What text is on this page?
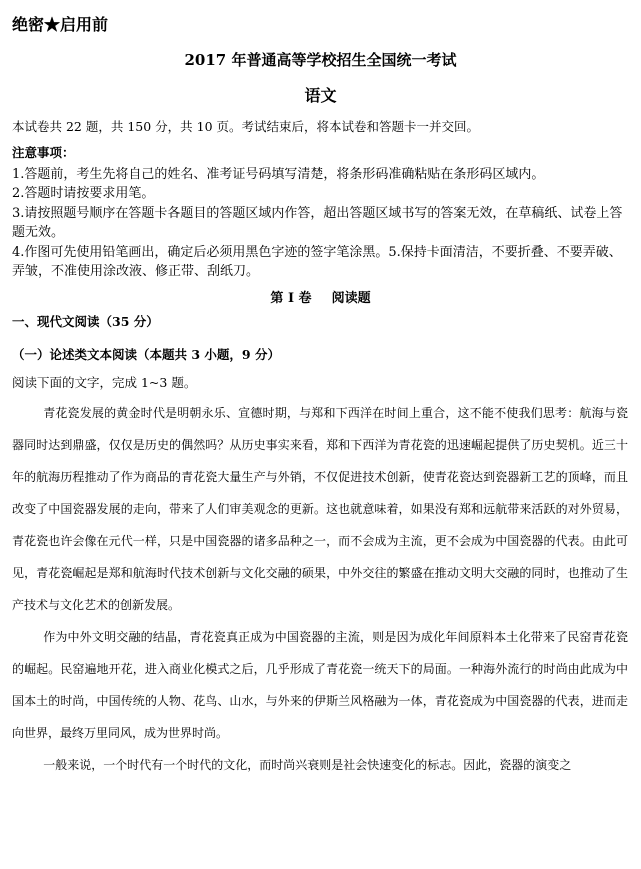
绝密★启用前
2017 年普通高等学校招生全国统一考试
语文
本试卷共 22 题，共 150 分，共 10 页。考试结束后，将本试卷和答题卡一并交回。
注意事项：
1.答题前，考生先将自己的姓名、准考证号码填写清楚，将条形码准确粘贴在条形码区域内。
2.答题时请按要求用笔。
3.请按照题号顺序在答题卡各题目的答题区域内作答，超出答题区域书写的答案无效，在草稿纸、试卷上答题无效。
4.作图可先使用铅笔画出，确定后必须用黑色字迹的签字笔涂黑。5.保持卡面清洁，不要折叠、不要弄破、弄皱，不准使用涂改液、修正带、刮纸刀。
第 I 卷 阅读题
一、现代文阅读（35 分）
（一）论述类文本阅读（本题共 3 小题，9 分）
阅读下面的文字，完成 1~3 题。

青花瓷发展的黄金时代是明朝永乐、宣德时期，与郑和下西洋在时间上重合，这不能不使我们思考：航海与瓷器同时达到鼎盛，仅仅是历史的偶然吗？从历史事实来看，郑和下西洋为青花瓷的迅速崛起提供了历史契机。近三十年的航海历程推动了作为商品的青花瓷大量生产与外销，不仅促进技术创新，使青花瓷达到瓷器新工艺的顶峰，而且改变了中国瓷器发展的走向，带来了人们审美观念的更新。这也就意味着，如果没有郑和远航带来活跃的对外贸易，青花瓷也许会像在元代一样，只是中国瓷器的诸多品种之一，而不会成为主流，更不会成为中国瓷器的代表。由此可见，青花瓷崛起是郑和航海时代技术创新与文化交融的硕果，中外交往的繁盛在推动文明大交融的同时，也推动了生产技术与文化艺术的创新发展。

作为中外文明交融的结晶，青花瓷真正成为中国瓷器的主流，则是因为成化年间原料本土化带来了民窑青花瓷的崛起。民窑遍地开花，进入商业化模式之后，几乎形成了青花瓷一统天下的局面。一种海外流行的时尚由此成为中国本土的时尚，中国传统的人物、花鸟、山水，与外来的伊斯兰风格融为一体，青花瓷成为中国瓷器的代表，进而走向世界，最终万里同风，成为世界时尚。

一般来说，一个时代有一个时代的文化，而时尚兴衰则是社会快速变化的标志。因此，瓷器的演变之
